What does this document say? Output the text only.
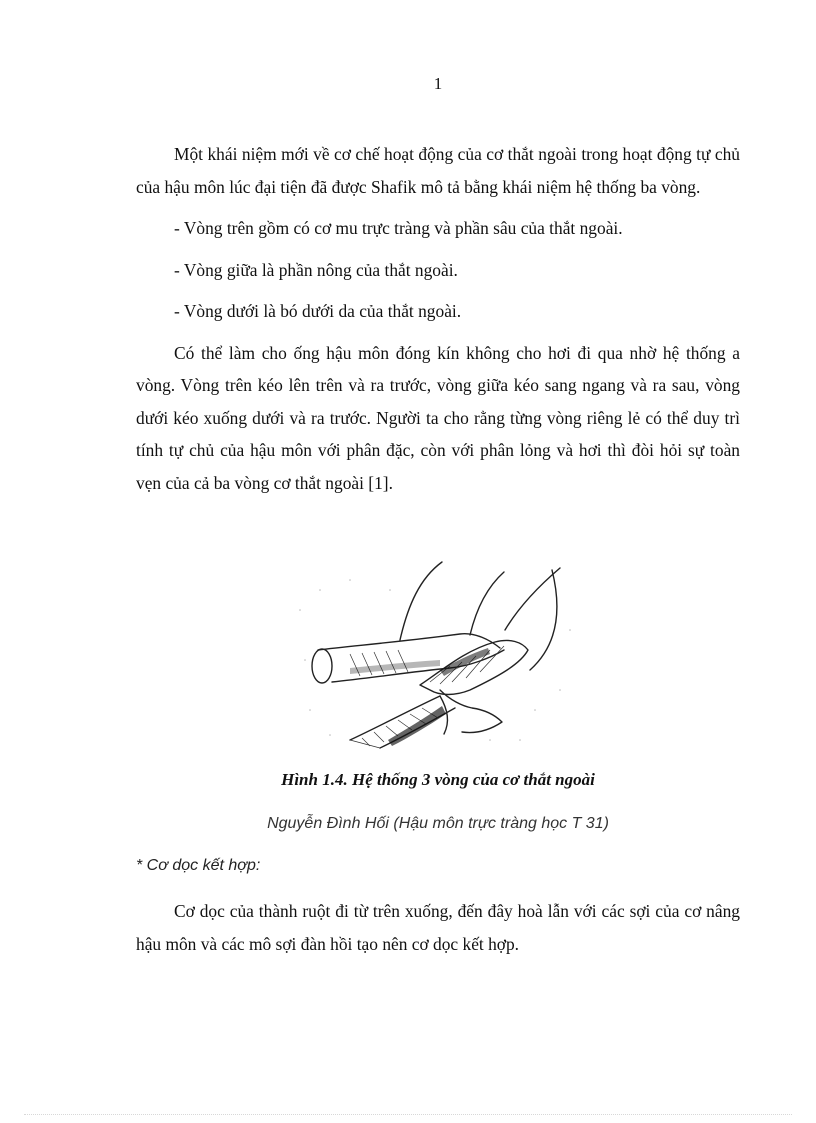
1

Một khái niệm mới về cơ chế hoạt động của cơ thắt ngoài trong hoạt động tự chủ của hậu môn lúc đại tiện đã được Shafik mô tả bằng khái niệm hệ thống ba vòng.

- Vòng trên gồm có cơ mu trực tràng và phần sâu của thắt ngoài.

- Vòng giữa là phần nông của thắt ngoài.

- Vòng dưới là bó dưới da của thắt ngoài.

Có thể làm cho ống hậu môn đóng kín không cho hơi đi qua nhờ hệ thống a vòng. Vòng trên kéo lên trên và ra trước, vòng giữa kéo sang ngang và ra sau, vòng dưới kéo xuống dưới và ra trước. Người ta cho rằng từng vòng riêng lẻ có thể duy trì tính tự chủ của hậu môn với phân đặc, còn với phân lỏng và hơi thì đòi hỏi sự toàn vẹn của cả ba vòng cơ thắt ngoài [1].

Hình 1.4. Hệ thống 3 vòng của cơ thắt ngoài
Nguyễn Đình Hối (Hậu môn trực tràng học T 31)
* Cơ dọc kết hợp:

Cơ dọc của thành ruột đi từ trên xuống, đến đây hoà lẫn với các sợi của cơ nâng hậu môn và các mô sợi đàn hồi tạo nên cơ dọc kết hợp.
